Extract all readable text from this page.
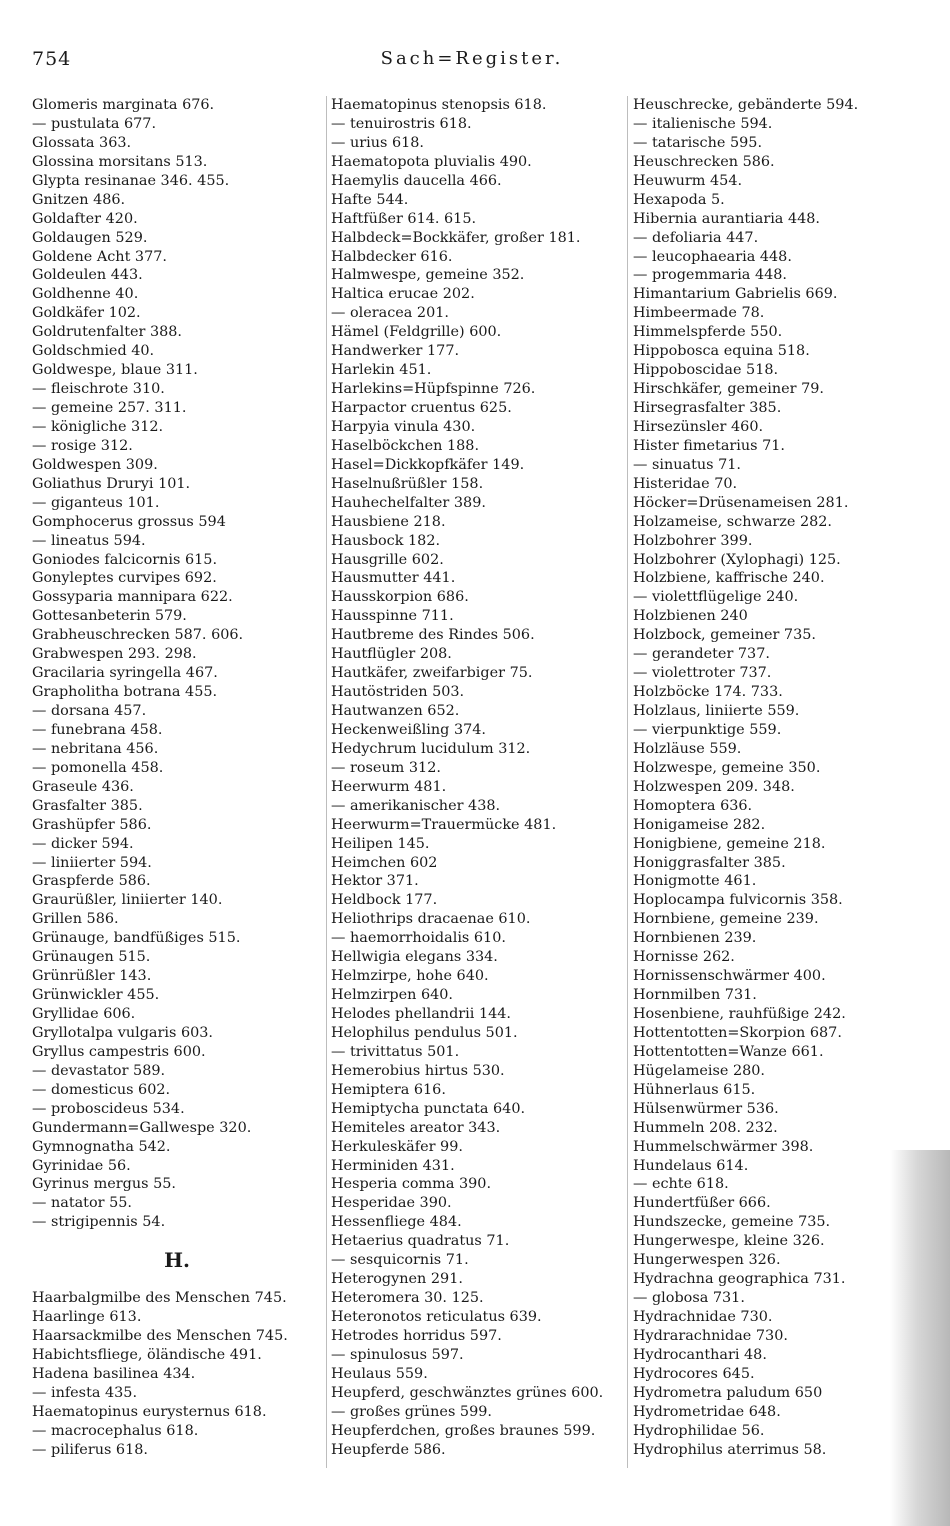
754	Sach=Register.
Glomeris marginata 676.
— pustulata 677.
Glossata 363.
Glossina morsitans 513.
Glypta resinanae 346. 455.
Gnitzen 486.
Goldafter 420.
Goldaugen 529.
Goldene Acht 377.
Goldeulen 443.
Goldhenne 40.
Goldkäfer 102.
Goldrutenfalter 388.
Goldschmied 40.
Goldwespe, blaue 311.
— fleischrote 310.
— gemeine 257. 311.
— königliche 312.
— rosige 312.
Goldwespen 309.
Goliathus Druryi 101.
— giganteus 101.
Gomphocerus grossus 594
— lineatus 594.
Goniodes falcicornis 615.
Gonyleptes curvipes 692.
Gossyparia mannipara 622.
Gottesanbeterin 579.
Grabheuschrecken 587. 606.
Grabwespen 293. 298.
Gracilaria syringella 467.
Grapholitha botrana 455.
— dorsana 457.
— funebrana 458.
— nebritana 456.
— pomonella 458.
Graseule 436.
Grasfalter 385.
Grashüpfer 586.
— dicker 594.
— liniierter 594.
Graspferde 586.
Graurüßler, liniierter 140.
Grillen 586.
Grünauge, bandfüßiges 515.
Grünaugen 515.
Grünrüßler 143.
Grünwickler 455.
Gryllidae 606.
Gryllotalpa vulgaris 603.
Gryllus campestris 600.
— devastator 589.
— domesticus 602.
— proboscideus 534.
Gundermann=Gallwespe 320.
Gymnognatha 542.
Gyrinidae 56.
Gyrinus mergus 55.
— natator 55.
— strigipennis 54.
H.
Haarbalgmilbe des Menschen 745.
Haarlinge 613.
Haarsackmilbe des Menschen 745.
Habichtsfliege, öländische 491.
Hadena basilinea 434.
— infesta 435.
Haematopinus eurysternus 618.
— macrocephalus 618.
— piliferus 618.
Haematopinus stenopsis 618.
— tenuirostris 618.
— urius 618.
Haematopota pluvialis 490.
Haemylis daucella 466.
Hafte 544.
Haftfüßer 614. 615.
Halbdeck=Bockkäfer, großer 181.
Halbdecker 616.
Halmwespe, gemeine 352.
Haltica erucae 202.
— oleracea 201.
Hämel (Feldgrille) 600.
Handwerker 177.
Harlekin 451.
Harlekins=Hüpfspinne 726.
Harpactor cruentus 625.
Harpyia vinula 430.
Haselböckchen 188.
Hasel=Dickkopfkäfer 149.
Haselnußrüßler 158.
Hauhechelfalter 389.
Hausbiene 218.
Hausbock 182.
Hausgrille 602.
Hausmutter 441.
Hausskorpion 686.
Hausspinne 711.
Hautbreme des Rindes 506.
Hautflügler 208.
Hautkäfer, zweifarbiger 75.
Hautöstriden 503.
Hautwanzen 652.
Heckenweißling 374.
Hedychrum lucidulum 312.
— roseum 312.
Heerwurm 481.
— amerikanischer 438.
Heerwurm=Trauermücke 481.
Heilipen 145.
Heimchen 602
Hektor 371.
Heldbock 177.
Heliothrips dracaenae 610.
— haemorrhoidalis 610.
Hellwigia elegans 334.
Helmzirpe, hohe 640.
Helmzirpen 640.
Helodes phellandrii 144.
Helophilus pendulus 501.
— trivittatus 501.
Hemerobius hirtus 530.
Hemiptera 616.
Hemiptycha punctata 640.
Hemiteles areator 343.
Herkuleskäfer 99.
Herminiden 431.
Hesperia comma 390.
Hesperidae 390.
Hessenfliege 484.
Hetaerius quadratus 71.
— sesquicornis 71.
Heterogynen 291.
Heteromera 30. 125.
Heteronotos reticulatus 639.
Hetrodes horridus 597.
— spinulosus 597.
Heulaus 559.
Heupferd, geschwänztes grünes 600.
— großes grünes 599.
Heupferdchen, großes braunes 599.
Heupferde 586.
Heuschrecke, gebänderte 594.
— italienische 594.
— tatarische 595.
Heuschrecken 586.
Heuwurm 454.
Hexapoda 5.
Hibernia aurantiaria 448.
— defoliaria 447.
— leucophaearia 448.
— progemmaria 448.
Himantarium Gabrielis 669.
Himbeermade 78.
Himmelspferde 550.
Hippobosca equina 518.
Hippoboscidae 518.
Hirschkäfer, gemeiner 79.
Hirsegrasfalter 385.
Hirsezünsler 460.
Hister fimetarius 71.
— sinuatus 71.
Histeridae 70.
Höcker=Drüsenameisen 281.
Holzameise, schwarze 282.
Holzbohrer 399.
Holzbohrer (Xylophagi) 125.
Holzbiene, kaffrische 240.
— violettflügelige 240.
Holzbienen 240
Holzbock, gemeiner 735.
— gerandeter 737.
— violettroter 737.
Holzböcke 174. 733.
Holzlaus, liniierte 559.
— vierpunktige 559.
Holzläuse 559.
Holzwespe, gemeine 350.
Holzwespen 209. 348.
Homoptera 636.
Honigameise 282.
Honigbiene, gemeine 218.
Honiggrasfalter 385.
Honigmotte 461.
Hoplocampa fulvicornis 358.
Hornbiene, gemeine 239.
Hornbienen 239.
Hornisse 262.
Hornissenschwärmer 400.
Hornmilben 731.
Hosenbiene, rauhfüßige 242.
Hottentotten=Skorpion 687.
Hottentotten=Wanze 661.
Hügelameise 280.
Hühnerlaus 615.
Hülsenwürmer 536.
Hummeln 208. 232.
Hummelschwärmer 398.
Hundelaus 614.
— echte 618.
Hundertfüßer 666.
Hundszecke, gemeine 735.
Hungerwespe, kleine 326.
Hungerwespen 326.
Hydrachna geographica 731.
— globosa 731.
Hydrachnidae 730.
Hydrarachnidae 730.
Hydrocanthari 48.
Hydrocores 645.
Hydrometra paludum 650
Hydrometridae 648.
Hydrophilidae 56.
Hydrophilus aterrimus 58.
